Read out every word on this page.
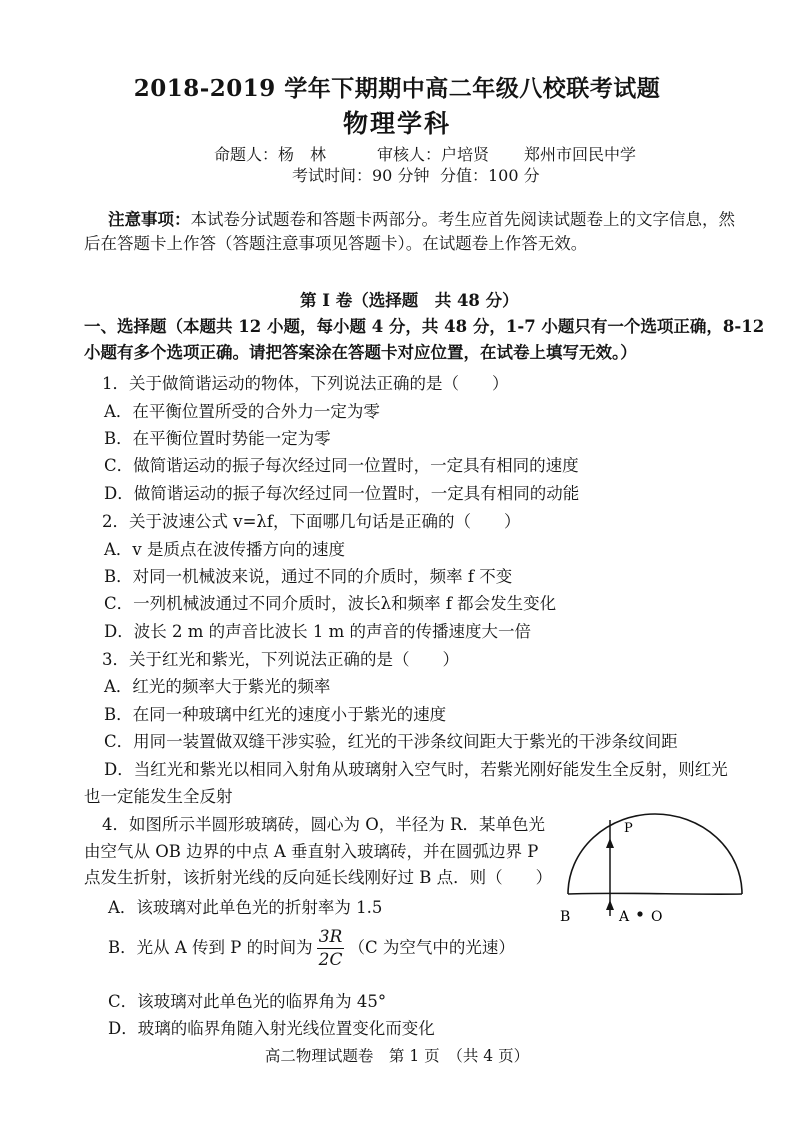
2018-2019 学年下期期中高二年级八校联考试题
物理学科
命题人：杨　林	审核人：户培贤 郑州市回民中学
考试时间：90 分钟 分值：100 分
注意事项：本试卷分试题卷和答题卡两部分。考生应首先阅读试题卷上的文字信息，然
后在答题卡上作答（答题注意事项见答题卡）。在试题卷上作答无效。
第 I 卷（选择题　共 48 分）
一、选择题（本题共 12 小题，每小题 4 分，共 48 分，1-7 小题只有一个选项正确，8-12
小题有多个选项正确。请把答案涂在答题卡对应位置，在试卷上填写无效。）
1．关于做简谐运动的物体，下列说法正确的是（　　）
A．在平衡位置所受的合外力一定为零
B．在平衡位置时势能一定为零
C．做简谐运动的振子每次经过同一位置时，一定具有相同的速度
D．做简谐运动的振子每次经过同一位置时，一定具有相同的动能
2．关于波速公式 v=λf，下面哪几句话是正确的（　　）
A．v 是质点在波传播方向的速度
B．对同一机械波来说，通过不同的介质时，频率 f 不变
C．一列机械波通过不同介质时，波长λ和频率 f 都会发生变化
D．波长 2 m 的声音比波长 1 m 的声音的传播速度大一倍
3．关于红光和紫光，下列说法正确的是（　　）
A．红光的频率大于紫光的频率
B．在同一种玻璃中红光的速度小于紫光的速度
C．用同一装置做双缝干涉实验，红光的干涉条纹间距大于紫光的干涉条纹间距
D．当红光和紫光以相同入射角从玻璃射入空气时，若紫光刚好能发生全反射，则红光
也一定能发生全反射
4．如图所示半圆形玻璃砖，圆心为 O，半径为 R．某单色光
由空气从 OB 边界的中点 A 垂直射入玻璃砖，并在圆弧边界 P
点发生折射，该折射光线的反向延长线刚好过 B 点．则（　　）
A．该玻璃对此单色光的折射率为 1.5
B．光从 A 传到 P 的时间为 $\frac{3R}{2C} (C$ 为空气中的光速）
C．该玻璃对此单色光的临界角为 45°
D．玻璃的临界角随入射光线位置变化而变化
P
B	A O
高二物理试题卷　第 1 页　（共 4 页）
